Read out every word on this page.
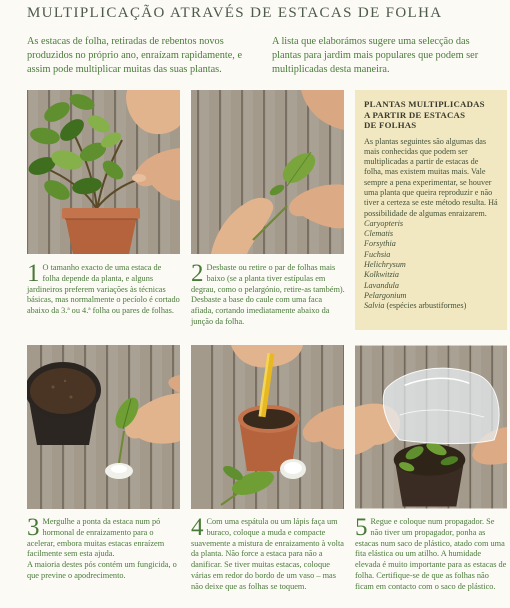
MULTIPLICAÇÃO ATRAVÉS DE ESTACAS DE FOLHA

As estacas de folha, retiradas de rebentos novos produzidos no próprio ano, enraízam rapidamente, e assim pode multiplicar muitas das suas plantas.

A lista que elaborámos sugere uma selecção das plantas para jardim mais populares que podem ser multiplicadas desta maneira.

PLANTAS MULTIPLICADAS
A PARTIR DE ESTACAS
DE FOLHAS

As plantas seguintes são algumas das mais conhecidas que podem ser multiplicadas a partir de estacas de folha, mas existem muitas mais. Vale sempre a pena experimentar, se houver uma planta que queira reproduzir e não tiver a certeza se este método resulta. Há possibilidade de algumas enraizarem.

Caryopteris
Clematis
Forsythia
Fuchsia
Helichrysum
Kolkwitzia
Lavandula
Pelargonium
Salvia (espécies arbustiformes)
1 O tamanho exacto de uma estaca de folha depende da planta, e alguns jardineiros preferem variações às técnicas básicas, mas normalmente o pecíolo é cortado abaixo da 3.ª ou 4.ª folha ou pares de folhas.

2 Desbaste ou retire o par de folhas mais baixo (se a planta tiver estípulas em degrau, como o pelargónio, retire-as também). Desbaste a base do caule com uma faca afiada, cortando imediatamente abaixo da junção da folha.

3 Mergulhe a ponta da estaca num pó hormonal de enraizamento para o acelerar, embora muitas estacas enraízem facilmente sem esta ajuda.

A maioria destes pós contém um fungicida, o que previne o apodrecimento.

4 Com uma espátula ou um lápis faça um buraco, coloque a muda e compacte suavemente a mistura de enraizamento à volta da planta. Não force a estaca para não a danificar. Se tiver muitas estacas, coloque várias em redor do bordo de um vaso – mas não deixe que as folhas se toquem.

5 Regue e coloque num propagador. Se não tiver um propagador, ponha as estacas num saco de plástico, atado com uma fita elástica ou um atilho. A humidade elevada é muito importante para as estacas de folha. Certifique-se de que as folhas não ficam em contacto com o saco de plástico.
